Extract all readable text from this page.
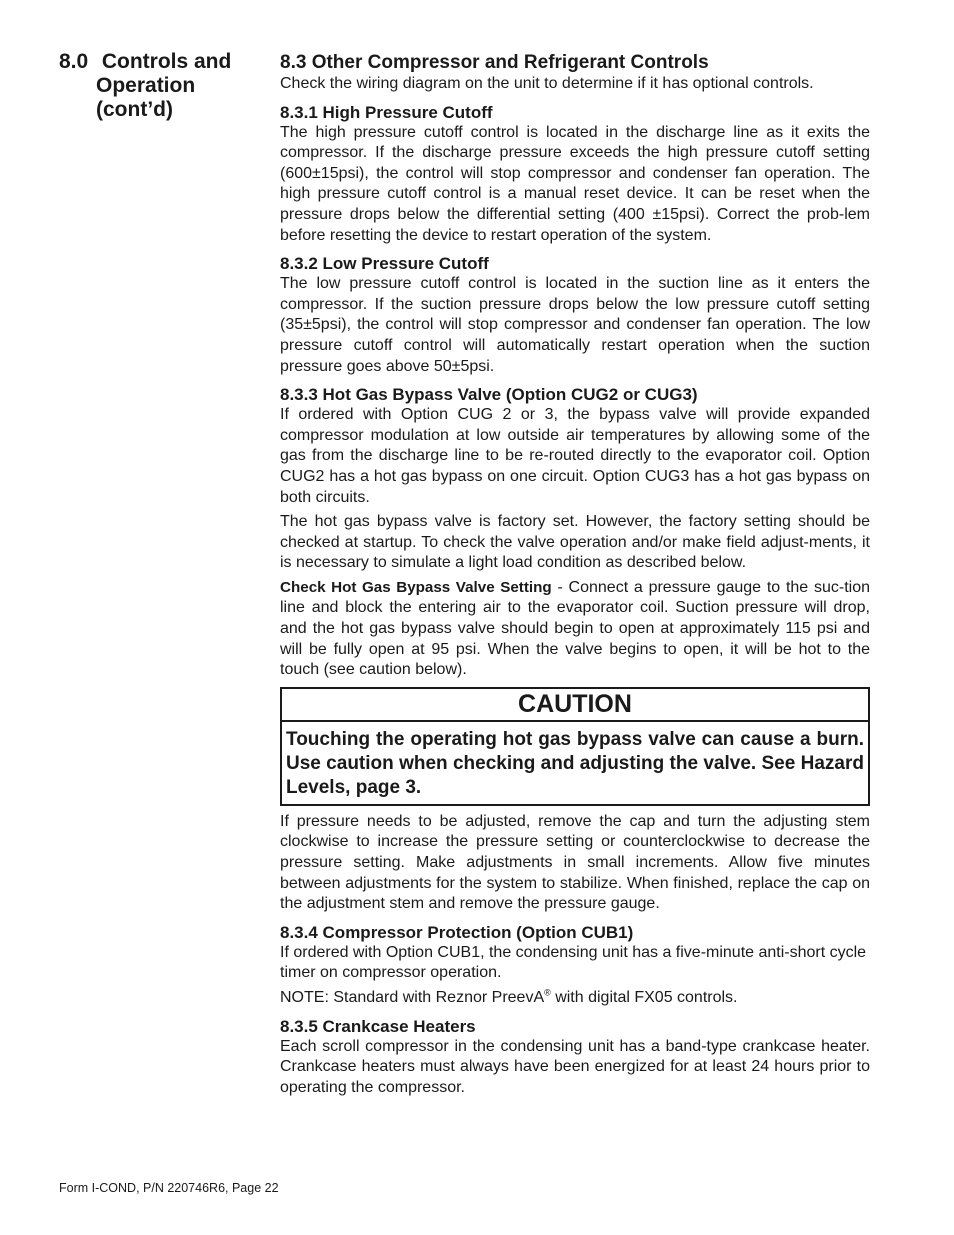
8.0 Controls and
Operation
(cont’d)
8.3 Other Compressor and Refrigerant Controls

Check the wiring diagram on the unit to determine if it has optional controls.

8.3.1 High Pressure Cutoff

The high pressure cutoff control is located in the discharge line as it exits the compressor. If the discharge pressure exceeds the high pressure cutoff setting (600±15psi), the control will stop compressor and condenser fan operation. The high pressure cutoff control is a manual reset device. It can be reset when the pressure drops below the differential setting (400 ±15psi). Correct the prob-lem before resetting the device to restart operation of the system.

8.3.2 Low Pressure Cutoff

The low pressure cutoff control is located in the suction line as it enters the compressor. If the suction pressure drops below the low pressure cutoff setting (35±5psi), the control will stop compressor and condenser fan operation. The low pressure cutoff control will automatically restart operation when the suction pressure goes above 50±5psi.

8.3.3 Hot Gas Bypass Valve (Option CUG2 or CUG3)

If ordered with Option CUG 2 or 3, the bypass valve will provide expanded compressor modulation at low outside air temperatures by allowing some of the gas from the discharge line to be re-routed directly to the evaporator coil. Option CUG2 has a hot gas bypass on one circuit. Option CUG3 has a hot gas bypass on both circuits.

The hot gas bypass valve is factory set. However, the factory setting should be checked at startup. To check the valve operation and/or make field adjust-ments, it is necessary to simulate a light load condition as described below.

Check Hot Gas Bypass Valve Setting - Connect a pressure gauge to the suc-tion line and block the entering air to the evaporator coil. Suction pressure will drop, and the hot gas bypass valve should begin to open at approximately 115 psi and will be fully open at 95 psi. When the valve begins to open, it will be hot to the touch (see caution below).

CAUTION
Touching the operating hot gas bypass valve can cause a burn. Use caution when checking and adjusting the valve. See Hazard Levels, page 3.

If pressure needs to be adjusted, remove the cap and turn the adjusting stem clockwise to increase the pressure setting or counterclockwise to decrease the pressure setting. Make adjustments in small increments. Allow five minutes between adjustments for the system to stabilize. When finished, replace the cap on the adjustment stem and remove the pressure gauge.

8.3.4 Compressor Protection (Option CUB1)

If ordered with Option CUB1, the condensing unit has a five-minute anti-short cycle timer on compressor operation.

NOTE: Standard with Reznor PreevA® with digital FX05 controls.

8.3.5 Crankcase Heaters

Each scroll compressor in the condensing unit has a band-type crankcase heater. Crankcase heaters must always have been energized for at least 24 hours prior to operating the compressor.

Form I-COND, P/N 220746R6, Page 22
